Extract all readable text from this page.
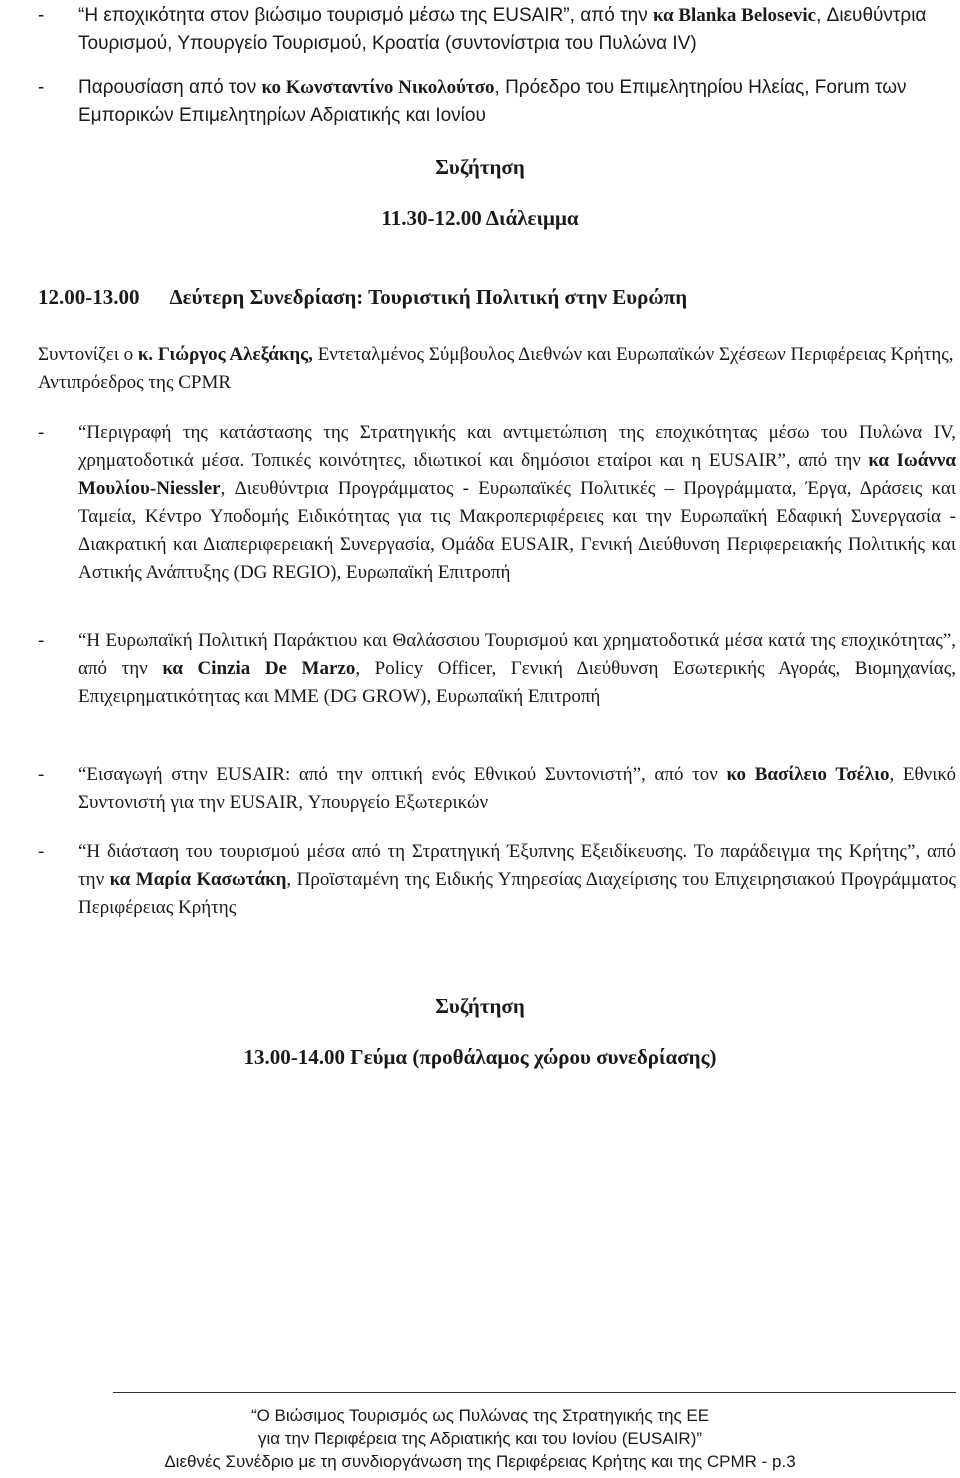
- “Η εποχικότητα στον βιώσιμο τουρισμό μέσω της EUSAIR”, από την κα Blanka Belosevic, Διευθύντρια Τουρισμού, Υπουργείο Τουρισμού, Κροατία (συντονίστρια του Πυλώνα IV)
- Παρουσίαση από τον κο Κωνσταντίνο Νικολούτσο, Πρόεδρο του Επιμελητηρίου Ηλείας, Forum των Εμπορικών Επιμελητηρίων Αδριατικής και Ιονίου
Συζήτηση
11.30-12.00 Διάλειμμα
12.00-13.00 Δεύτερη Συνεδρίαση: Τουριστική Πολιτική στην Ευρώπη
Συντονίζει ο κ. Γιώργος Αλεξάκης, Εντεταλμένος Σύμβουλος Διεθνών και Ευρωπαϊκών Σχέσεων Περιφέρειας Κρήτης, Αντιπρόεδρος της CPMR
- “Περιγραφή της κατάστασης της Στρατηγικής και αντιμετώπιση της εποχικότητας μέσω του Πυλώνα IV, χρηματοδοτικά μέσα. Τοπικές κοινότητες, ιδιωτικοί και δημόσιοι εταίροι και η EUSAIR”, από την κα Ιωάννα Μουλίου-Niessler, Διευθύντρια Προγράμματος - Ευρωπαϊκές Πολιτικές – Προγράμματα, Έργα, Δράσεις και Ταμεία, Κέντρο Υποδομής Ειδικότητας για τις Μακροπεριφέρειες και την Ευρωπαϊκή Εδαφική Συνεργασία - Διακρατική και Διαπεριφερειακή Συνεργασία, Ομάδα EUSAIR, Γενική Διεύθυνση Περιφερειακής Πολιτικής και Αστικής Ανάπτυξης (DG REGIO), Ευρωπαϊκή Επιτροπή
- “Η Ευρωπαϊκή Πολιτική Παράκτιου και Θαλάσσιου Τουρισμού και χρηματοδοτικά μέσα κατά της εποχικότητας”, από την κα Cinzia De Marzo, Policy Officer, Γενική Διεύθυνση Εσωτερικής Αγοράς, Βιομηχανίας, Επιχειρηματικότητας και ΜΜΕ (DG GROW), Ευρωπαϊκή Επιτροπή
- “Εισαγωγή στην EUSAIR: από την οπτική ενός Εθνικού Συντονιστή”, από τον κο Βασίλειο Τσέλιο, Εθνικό Συντονιστή για την EUSAIR, Υπουργείο Εξωτερικών
- “Η διάσταση του τουρισμού μέσα από τη Στρατηγική Έξυπνης Εξειδίκευσης. Το παράδειγμα της Κρήτης”, από την κα Μαρία Κασωτάκη, Προϊσταμένη της Ειδικής Υπηρεσίας Διαχείρισης του Επιχειρησιακού Προγράμματος Περιφέρειας Κρήτης
Συζήτηση
13.00-14.00 Γεύμα (προθάλαμος χώρου συνεδρίασης)
“Ο Βιώσιμος Τουρισμός ως Πυλώνας της Στρατηγικής της ΕΕ
για την Περιφέρεια της Αδριατικής και του Ιονίου (EUSAIR)”
Διεθνές Συνέδριο με τη συνδιοργάνωση της Περιφέρειας Κρήτης και της CPMR - p.3
